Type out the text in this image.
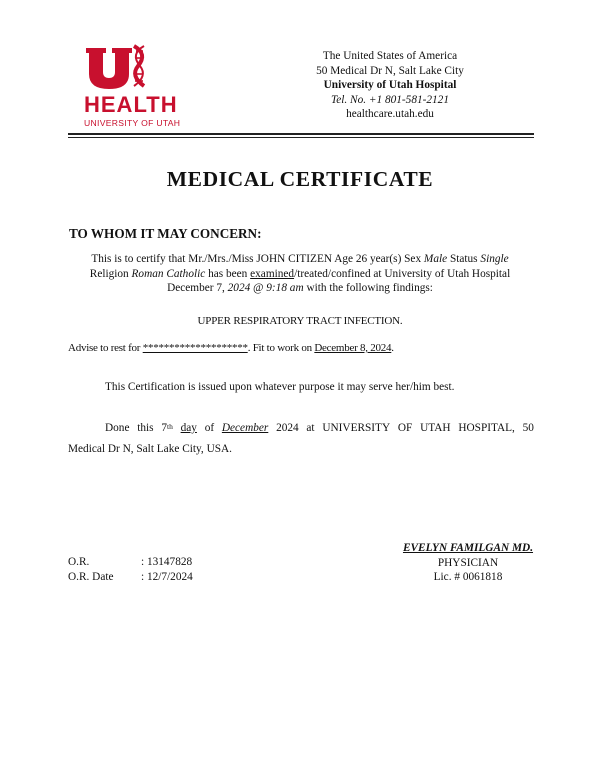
HEALTH
UNIVERSITY OF UTAH
The United States of America
50 Medical Dr N, Salt Lake City
University of Utah Hospital
Tel. No. +1 801-581-2121
healthcare.utah.edu
MEDICAL CERTIFICATE
TO WHOM IT MAY CONCERN:
This is to certify that Mr./Mrs./Miss JOHN CITIZEN Age 26 year(s) Sex Male Status Single
Religion Roman Catholic has been examined/treated/confined at University of Utah Hospital
December 7, 2024 @ 9:18 am with the following findings:
UPPER RESPIRATORY TRACT INFECTION.
Advise to rest for ********************. Fit to work on December 8, 2024.
This Certification is issued upon whatever purpose it may serve her/him best.
Done this 7th day of December 2024 at UNIVERSITY OF UTAH HOSPITAL, 50
Medical Dr N, Salt Lake City, USA.
EVELYN FAMILGAN MD.
PHYSICIAN
Lic. # 0061818
O.R.	: 13147828
O.R. Date	: 12/7/2024
